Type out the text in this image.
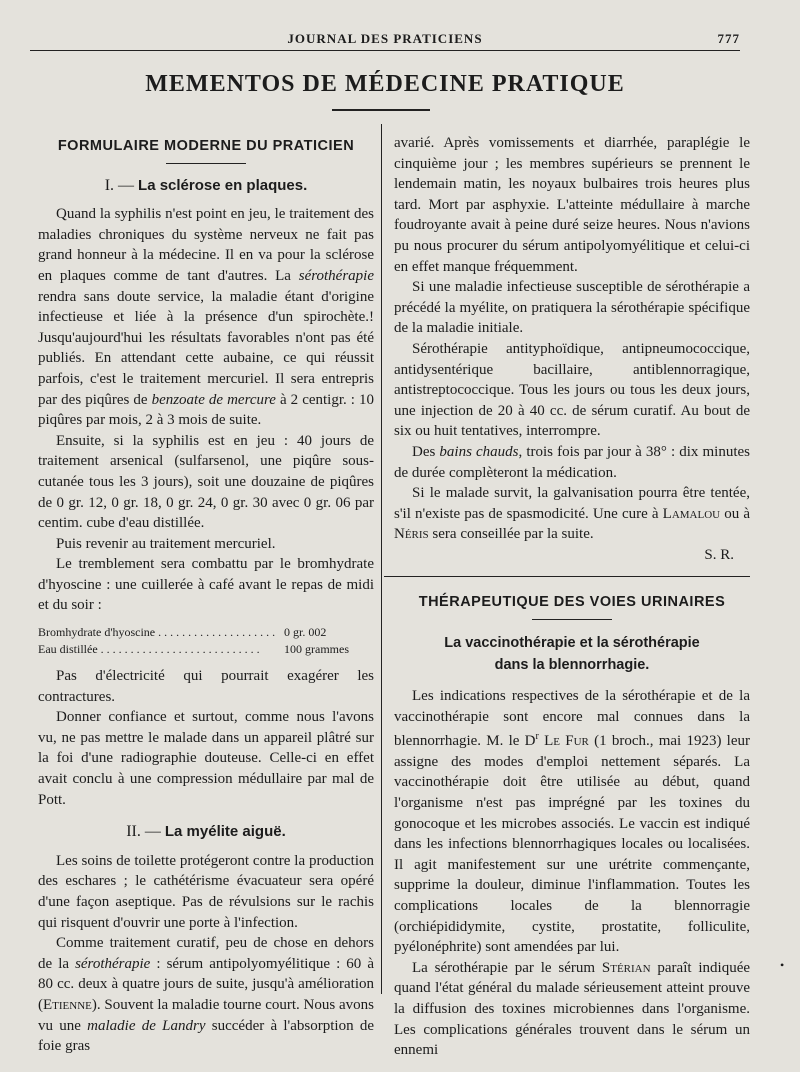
JOURNAL DES PRATICIENS	777
MEMENTOS DE MÉDECINE PRATIQUE
FORMULAIRE MODERNE DU PRATICIEN
I. — La sclérose en plaques.

Quand la syphilis n'est point en jeu, le traitement des maladies chroniques du système nerveux ne fait pas grand honneur à la médecine. Il en va pour la sclérose en plaques comme de tant d'autres. La sérothérapie rendra sans doute service, la maladie étant d'origine infectieuse et liée à la présence d'un spirochète.! Jusqu'aujourd'hui les résultats favorables n'ont pas été publiés. En attendant cette aubaine, ce qui réussit parfois, c'est le traitement mercuriel. Il sera entrepris par des piqûres de benzoate de mercure à 2 centigr. : 10 piqûres par mois, 2 à 3 mois de suite.

Ensuite, si la syphilis est en jeu : 40 jours de traitement arsenical (sulfarsenol, une piqûre sous-cutanée tous les 3 jours), soit une douzaine de piqûres de 0 gr. 12, 0 gr. 18, 0 gr. 24, 0 gr. 30 avec 0 gr. 06 par centim. cube d'eau distillée.

Puis revenir au traitement mercuriel.

Le tremblement sera combattu par le bromhydrate d'hyoscine : une cuillerée à café avant le repas de midi et du soir :

Bromhydrate d'hyoscine . . .	0 gr. 002
Eau distillée . . .	100 grammes

Pas d'électricité qui pourrait exagérer les contractures.

Donner confiance et surtout, comme nous l'avons vu, ne pas mettre le malade dans un appareil plâtré sur la foi d'une radiographie douteuse. Celle-ci en effet avait conclu à une compression médullaire par mal de Pott.

II. — La myélite aiguë.

Les soins de toilette protégeront contre la production des eschares ; le cathétérisme évacuateur sera opéré d'une façon aseptique. Pas de révulsions sur le rachis qui risquent d'ouvrir une porte à l'infection.

Comme traitement curatif, peu de chose en dehors de la sérothérapie : sérum antipolyomyélitique : 60 à 80 cc. deux à quatre jours de suite, jusqu'à amélioration (Etienne). Souvent la maladie tourne court. Nous avons vu une maladie de Landry succéder à l'absorption de foie gras

avarié. Après vomissements et diarrhée, paraplégie le cinquième jour ; les membres supérieurs se prennent le lendemain matin, les noyaux bulbaires trois heures plus tard. Mort par asphyxie. L'atteinte médullaire à marche foudroyante avait à peine duré seize heures. Nous n'avions pu nous procurer du sérum antipolyomyélitique et celui-ci en effet manque fréquemment.

Si une maladie infectieuse susceptible de sérothérapie a précédé la myélite, on pratiquera la sérothérapie spécifique de la maladie initiale.

Sérothérapie antityphoïdique, antipneumococcique, antidysentérique bacillaire, antiblennorragique, antistreptococcique. Tous les jours ou tous les deux jours, une injection de 20 à 40 cc. de sérum curatif. Au bout de six ou huit tentatives, interrompre.

Des bains chauds, trois fois par jour à 38° : dix minutes de durée complèteront la médication.

Si le malade survit, la galvanisation pourra être tentée, s'il n'existe pas de spasmodicité. Une cure à Lamalou ou à Néris sera conseillée par la suite.

S. R.
THÉRAPEUTIQUE DES VOIES URINAIRES
La vaccinothérapie et la sérothérapie
dans la blennorrhagie.

Les indications respectives de la sérothérapie et de la vaccinothérapie sont encore mal connues dans la blennorrhagie. M. le $D^r$ Le Fur (1 broch., mai 1923) leur assigne des modes d'emploi nettement séparés. La vaccinothérapie doit être utilisée au début, quand l'organisme n'est pas imprégné par les toxines du gonocoque et les microbes associés. Le vaccin est indiqué dans les infections blennorrhagiques locales ou localisées. Il agit manifestement sur une urétrite commençante, supprime la douleur, diminue l'inflammation. Toutes les complications locales de la blennorragie (orchiépididymite, cystite, prostatite, folliculite, pyélonéphrite) sont amendées par lui.

La sérothérapie par le sérum Stérian paraît indiquée quand l'état général du malade sérieusement atteint prouve la diffusion des toxines microbiennes dans l'organisme. Les complications générales trouvent dans le sérum un ennemi

•
